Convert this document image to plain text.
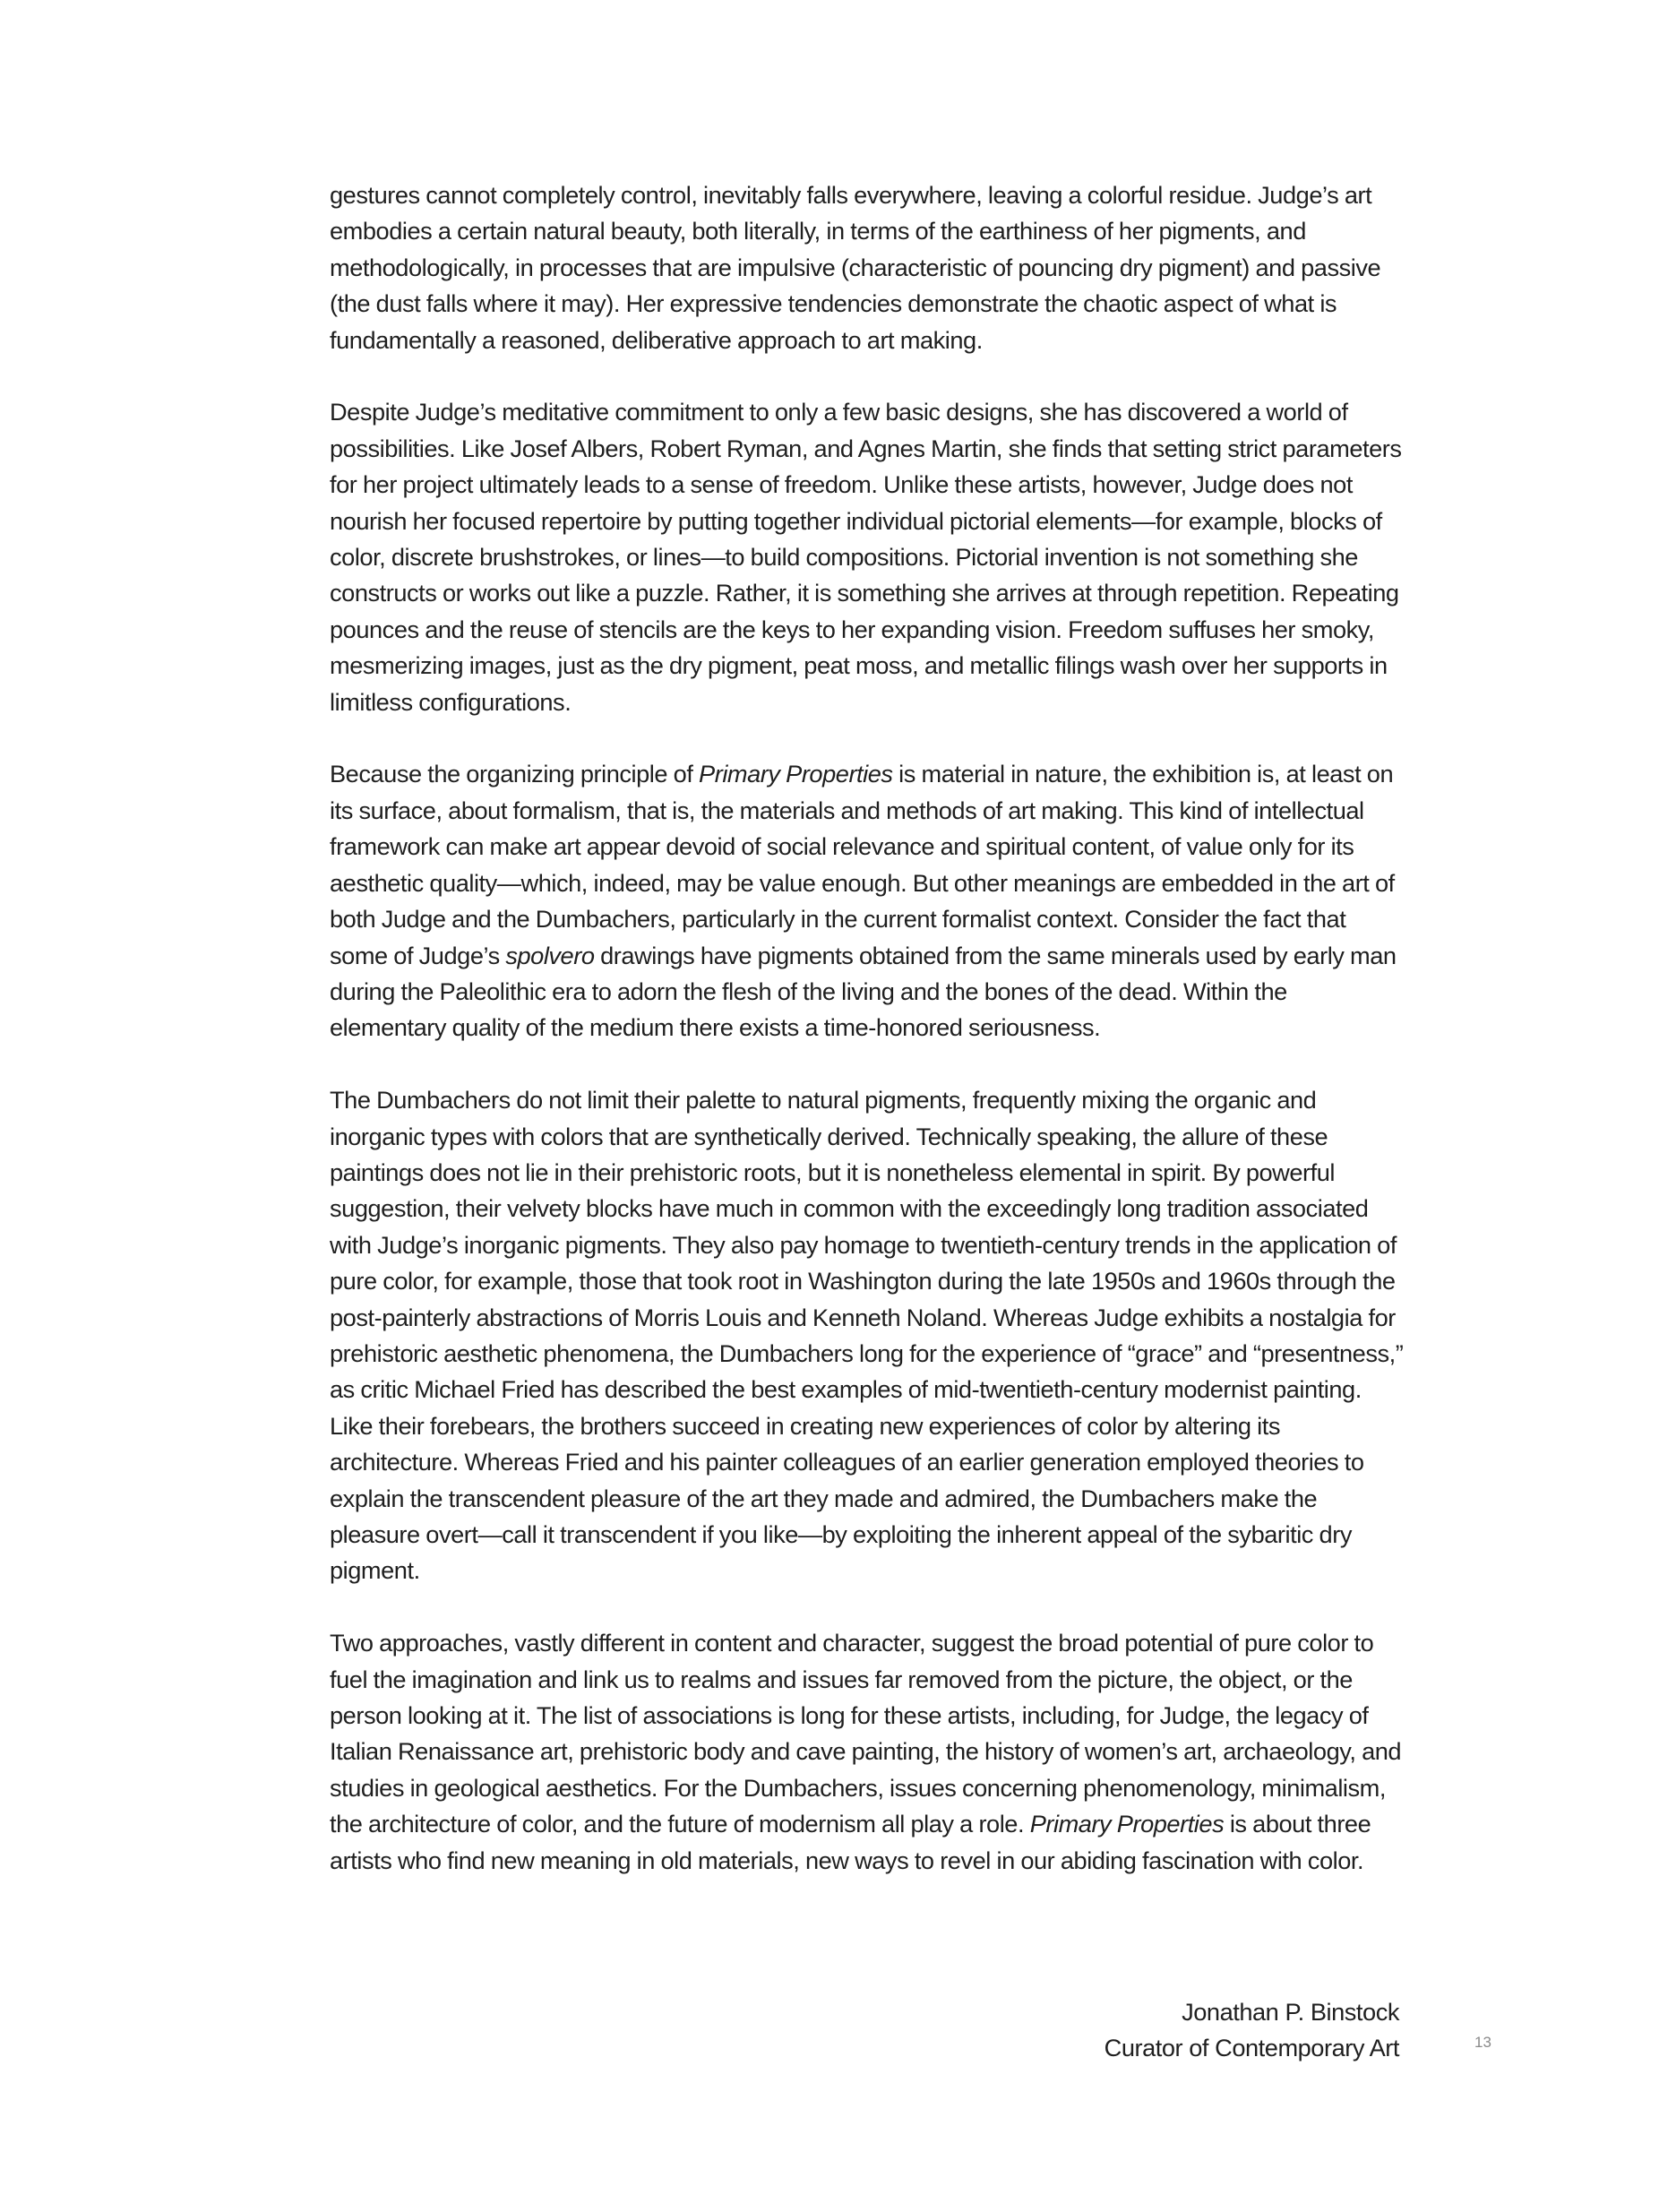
gestures cannot completely control, inevitably falls everywhere, leaving a colorful residue. Judge’s art embodies a certain natural beauty, both literally, in terms of the earthiness of her pigments, and methodologically, in processes that are impulsive (characteristic of pouncing dry pigment) and passive (the dust falls where it may). Her expressive tendencies demonstrate the chaotic aspect of what is fundamentally a reasoned, deliberative approach to art making.

Despite Judge’s meditative commitment to only a few basic designs, she has discovered a world of possibilities. Like Josef Albers, Robert Ryman, and Agnes Martin, she finds that setting strict parameters for her project ultimately leads to a sense of freedom. Unlike these artists, however, Judge does not nourish her focused repertoire by putting together individual pictorial elements—for example, blocks of color, discrete brushstrokes, or lines—to build compositions. Pictorial invention is not something she constructs or works out like a puzzle. Rather, it is something she arrives at through repetition. Repeating pounces and the reuse of stencils are the keys to her expanding vision. Freedom suffuses her smoky, mesmerizing images, just as the dry pigment, peat moss, and metallic filings wash over her supports in limitless configurations.

Because the organizing principle of Primary Properties is material in nature, the exhibition is, at least on its surface, about formalism, that is, the materials and methods of art making. This kind of intellectual framework can make art appear devoid of social relevance and spiritual content, of value only for its aesthetic quality—which, indeed, may be value enough. But other meanings are embedded in the art of both Judge and the Dumbachers, particularly in the current formalist context. Consider the fact that some of Judge’s spolvero drawings have pigments obtained from the same minerals used by early man during the Paleolithic era to adorn the flesh of the living and the bones of the dead. Within the elementary quality of the medium there exists a time-honored seriousness.

The Dumbachers do not limit their palette to natural pigments, frequently mixing the organic and inorganic types with colors that are synthetically derived. Technically speaking, the allure of these paintings does not lie in their prehistoric roots, but it is nonetheless elemental in spirit. By powerful suggestion, their velvety blocks have much in common with the exceedingly long tradition associated with Judge’s inorganic pigments. They also pay homage to twentieth-century trends in the application of pure color, for example, those that took root in Washington during the late 1950s and 1960s through the post-painterly abstractions of Morris Louis and Kenneth Noland. Whereas Judge exhibits a nostalgia for prehistoric aesthetic phenomena, the Dumbachers long for the experience of “grace” and “presentness,” as critic Michael Fried has described the best examples of mid-twentieth-century modernist painting. Like their forebears, the brothers succeed in creating new experiences of color by altering its architecture. Whereas Fried and his painter colleagues of an earlier generation employed theories to explain the transcendent pleasure of the art they made and admired, the Dumbachers make the pleasure overt—call it transcendent if you like—by exploiting the inherent appeal of the sybaritic dry pigment.

Two approaches, vastly different in content and character, suggest the broad potential of pure color to fuel the imagination and link us to realms and issues far removed from the picture, the object, or the person looking at it. The list of associations is long for these artists, including, for Judge, the legacy of Italian Renaissance art, prehistoric body and cave painting, the history of women’s art, archaeology, and studies in geological aesthetics. For the Dumbachers, issues concerning phenomenology, minimalism, the architecture of color, and the future of modernism all play a role. Primary Properties is about three artists who find new meaning in old materials, new ways to revel in our abiding fascination with color.

Jonathan P. Binstock
Curator of Contemporary Art	13
